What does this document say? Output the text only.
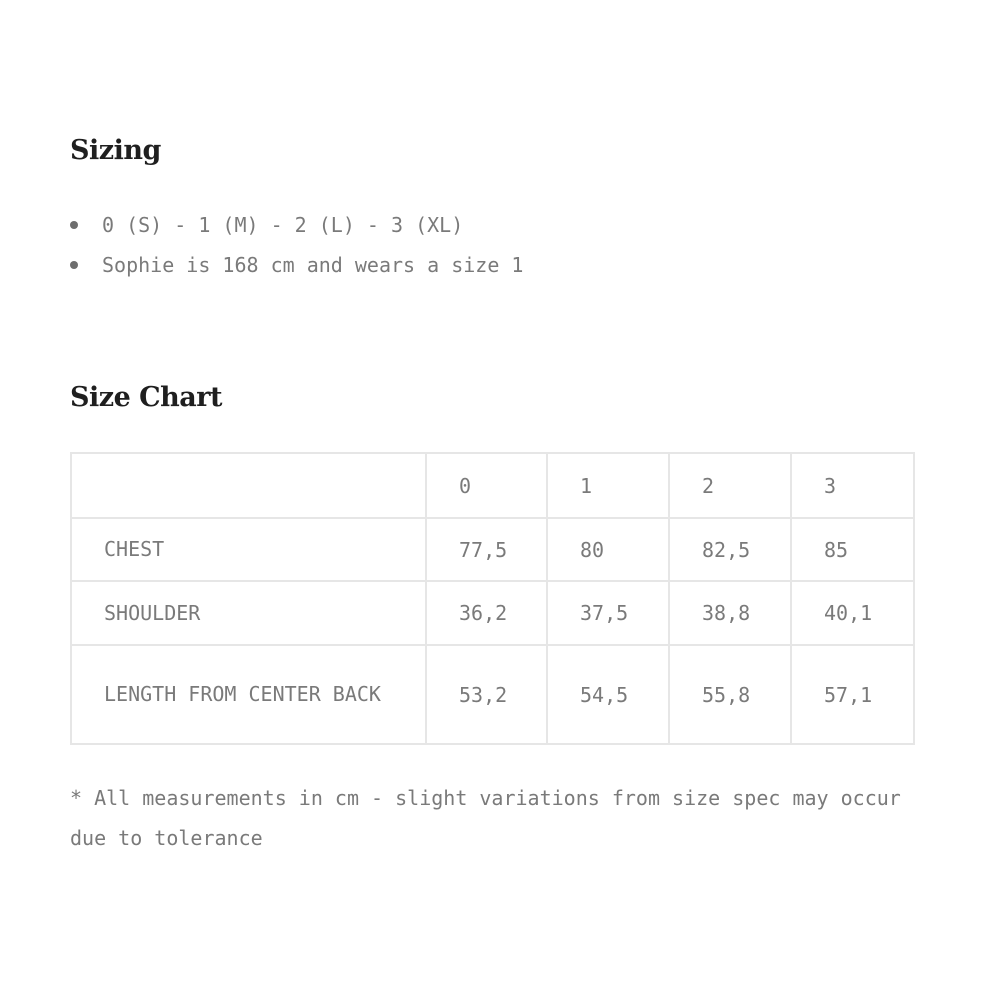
Sizing
0 (S) - 1 (M) - 2 (L) - 3 (XL)
Sophie is 168 cm and wears a size 1
Size Chart
	0	1	2	3
CHEST	77,5	80	82,5	85
SHOULDER	36,2	37,5	38,8	40,1
LENGTH FROM CENTER BACK	53,2	54,5	55,8	57,1

* All measurements in cm - slight variations from size spec may occur due to tolerance
